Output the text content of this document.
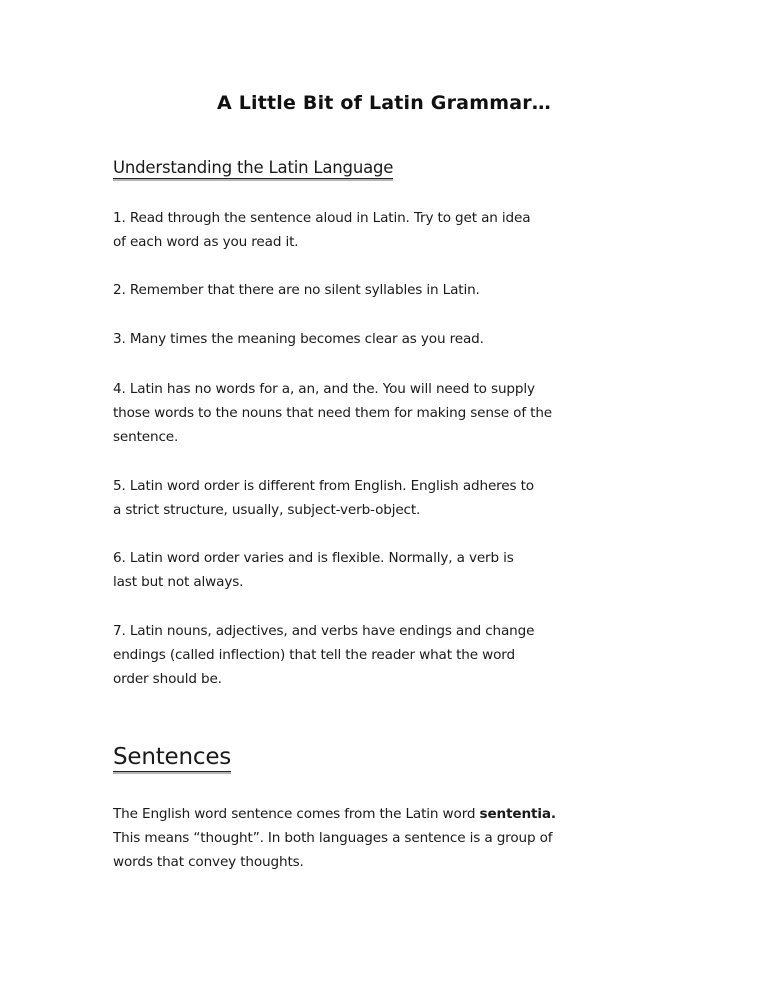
A Little Bit of Latin Grammar…
Understanding the Latin Language
1. Read through the sentence aloud in Latin. Try to get an idea
of each word as you read it.
2. Remember that there are no silent syllables in Latin.
3. Many times the meaning becomes clear as you read.
4. Latin has no words for a, an, and the. You will need to supply
those words to the nouns that need them for making sense of the
sentence.
5. Latin word order is different from English. English adheres to
a strict structure, usually, subject-verb-object.
6. Latin word order varies and is flexible. Normally, a verb is
last but not always.
7. Latin nouns, adjectives, and verbs have endings and change
endings (called inflection) that tell the reader what the word
order should be.
Sentences
The English word sentence comes from the Latin word sententia.
This means “thought”. In both languages a sentence is a group of
words that convey thoughts.
